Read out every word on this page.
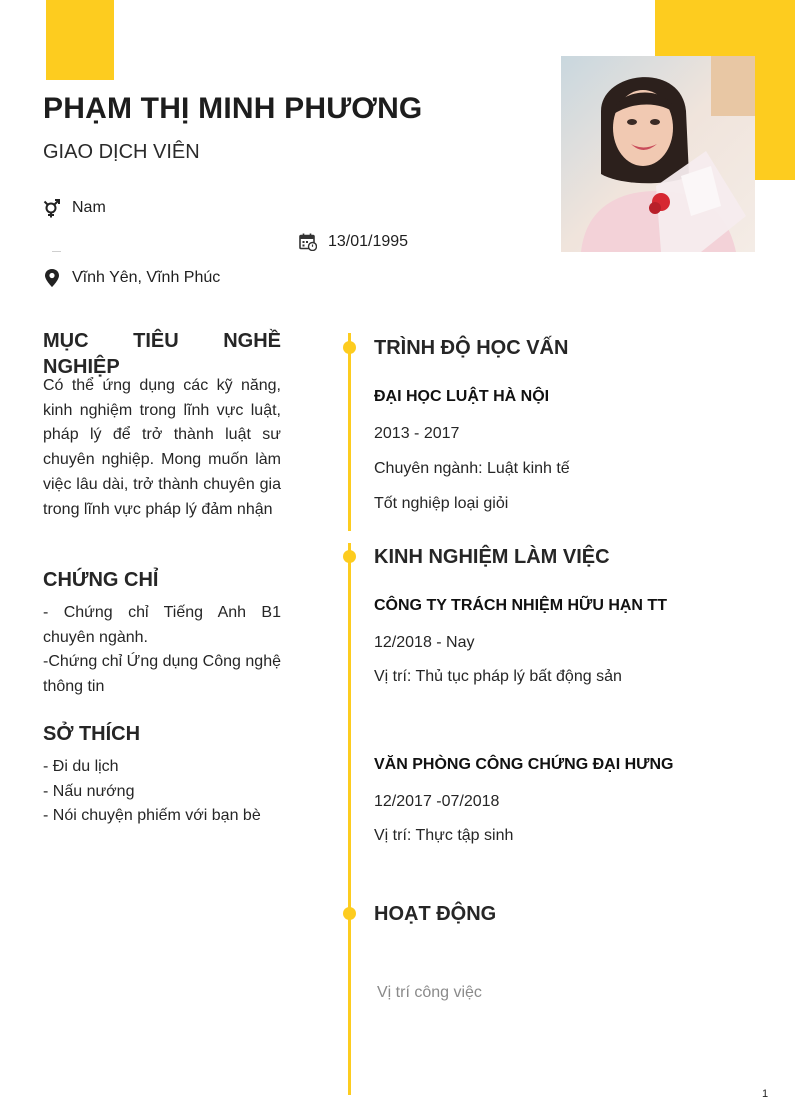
PHẠM THỊ MINH PHƯƠNG
GIAO DỊCH VIÊN
Nam
13/01/1995
Vĩnh Yên, Vĩnh Phúc
MỤC TIÊU NGHỀ
NGHIỆP
Có thể ứng dụng các kỹ năng, kinh nghiệm trong lĩnh vực luật, pháp lý để trở thành luật sư chuyên nghiệp. Mong muốn làm việc lâu dài, trở thành chuyên gia trong lĩnh vực pháp lý đảm nhận
CHỨNG CHỈ
- Chứng chỉ Tiếng Anh B1 chuyên ngành.
-Chứng chỉ Ứng dụng Công nghệ thông tin
SỞ THÍCH
- Đi du lịch
- Nấu nướng
- Nói chuyện phiếm với bạn bè
TRÌNH ĐỘ HỌC VẤN
ĐẠI HỌC LUẬT HÀ NỘI
2013 - 2017
Chuyên ngành: Luật kinh tế
Tốt nghiệp loại giỏi
KINH NGHIỆM LÀM VIỆC
CÔNG TY TRÁCH NHIỆM HỮU HẠN TT
12/2018 - Nay
Vị trí: Thủ tục pháp lý bất động sản
VĂN PHÒNG CÔNG CHỨNG ĐẠI HƯNG
12/2017 -07/2018
Vị trí: Thực tập sinh
HOẠT ĐỘNG
Vị trí công việc
1
